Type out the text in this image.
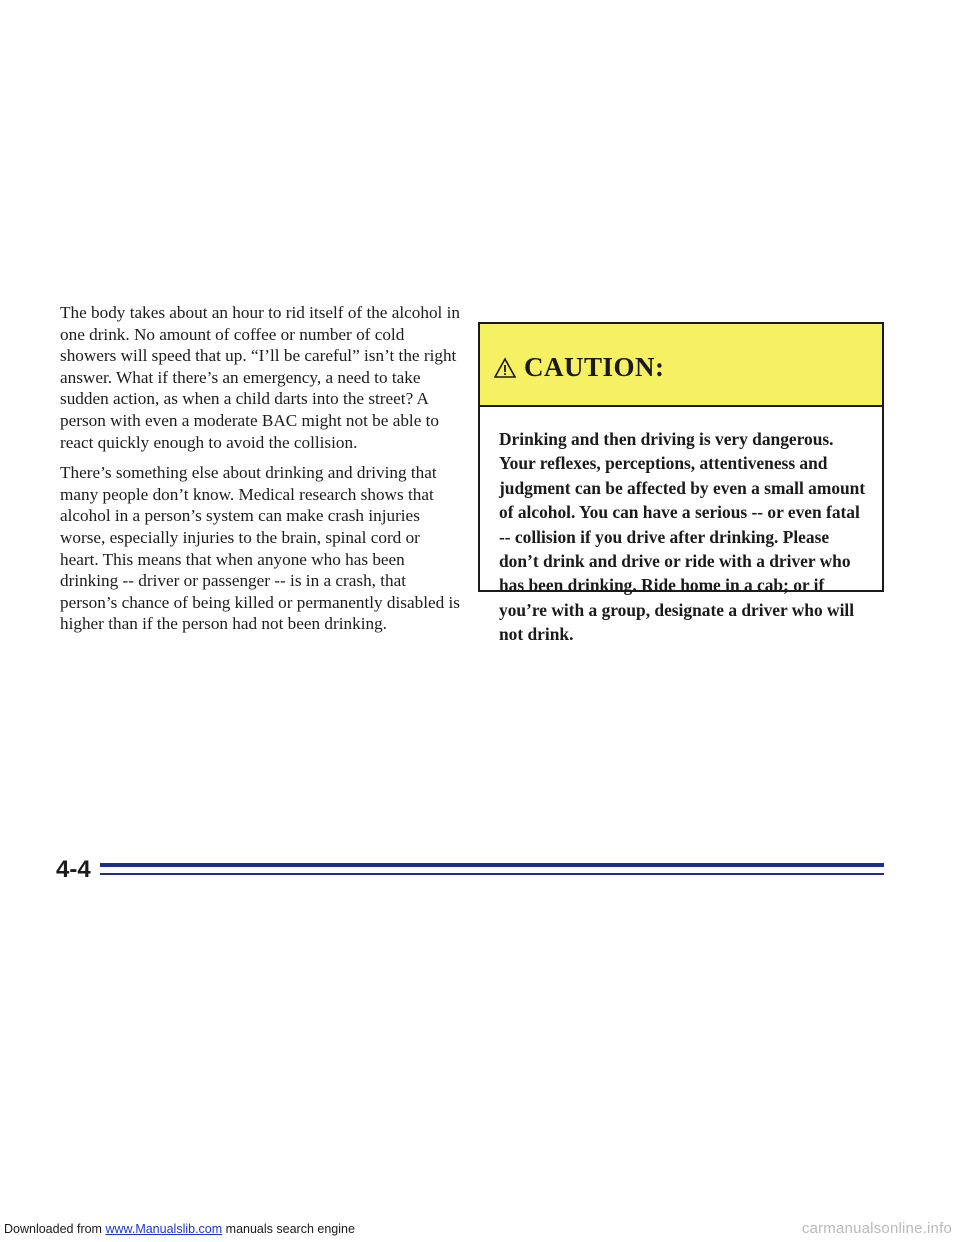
The body takes about an hour to rid itself of the alcohol in one drink. No amount of coffee or number of cold showers will speed that up. “I’ll be careful” isn’t the right answer. What if there’s an emergency, a need to take sudden action, as when a child darts into the street? A person with even a moderate BAC might not be able to react quickly enough to avoid the collision.

There’s something else about drinking and driving that many people don’t know. Medical research shows that alcohol in a person’s system can make crash injuries worse, especially injuries to the brain, spinal cord or heart. This means that when anyone who has been drinking -- driver or passenger -- is in a crash, that person’s chance of being killed or permanently disabled is higher than if the person had not been drinking.

CAUTION:
Drinking and then driving is very dangerous. Your reflexes, perceptions, attentiveness and judgment can be affected by even a small amount of alcohol. You can have a serious -- or even fatal -- collision if you drive after drinking. Please don’t drink and drive or ride with a driver who has been drinking. Ride home in a cab; or if you’re with a group, designate a driver who will not drink.
4-4
Downloaded from www.Manualslib.com manuals search engine	carmanualsonline.info
